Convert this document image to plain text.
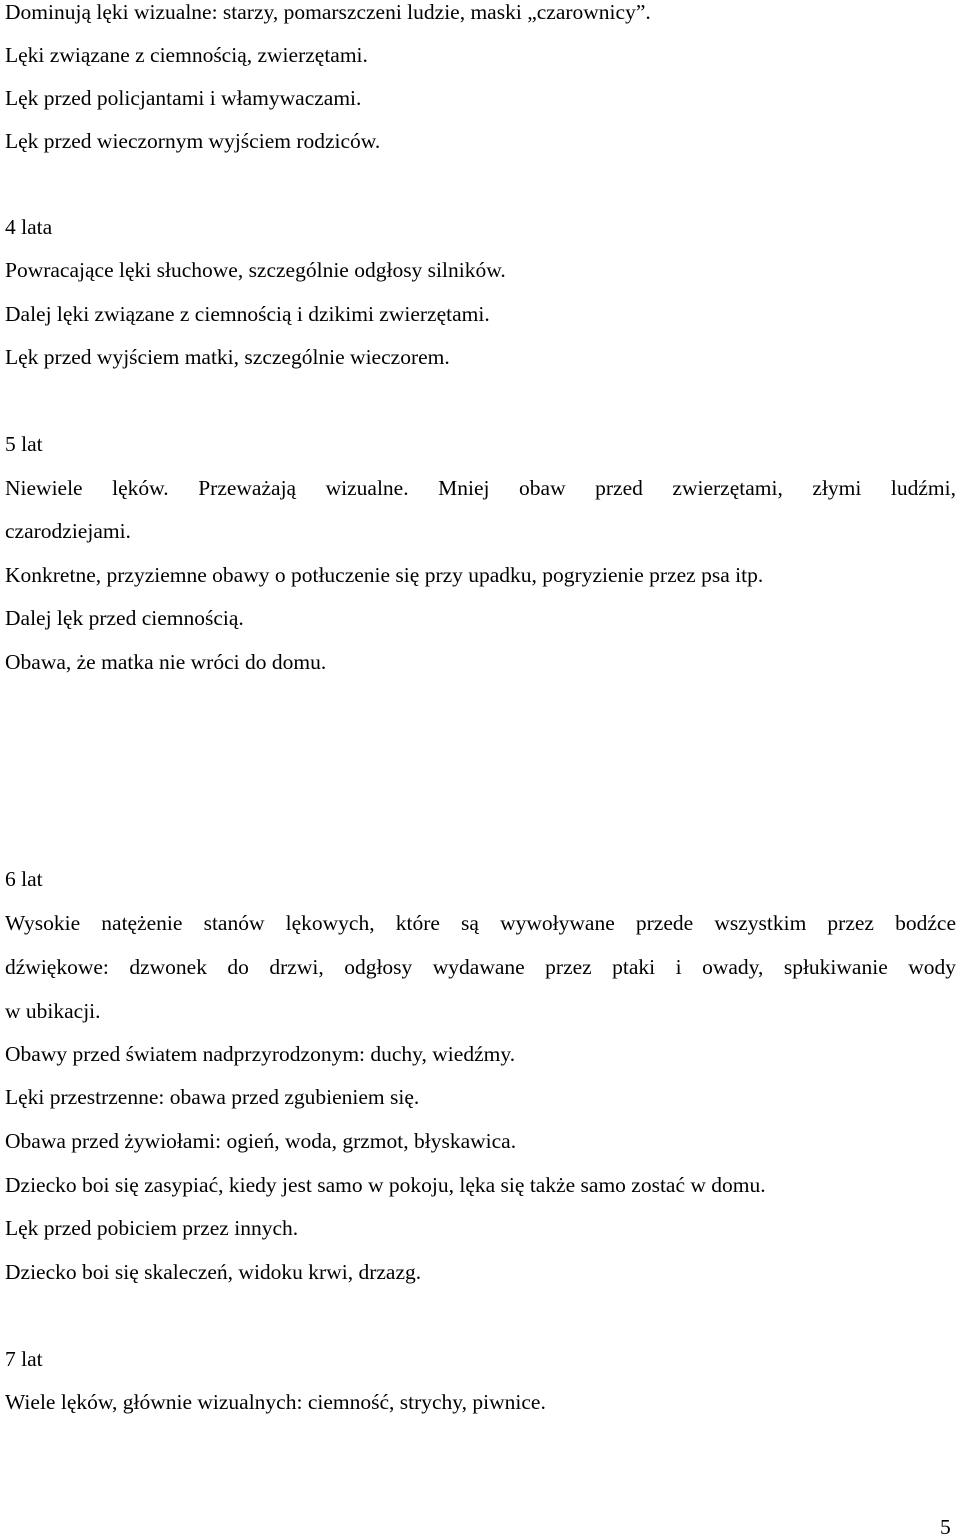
Dominują lęki wizualne: starzy, pomarszczeni ludzie, maski „czarownicy”.
Lęki związane z ciemnością, zwierzętami.
Lęk przed policjantami i włamywaczami.
Lęk przed wieczornym wyjściem rodziców.
4 lata
Powracające lęki słuchowe, szczególnie odgłosy silników.
Dalej lęki związane z ciemnością i dzikimi zwierzętami.
Lęk przed wyjściem matki, szczególnie wieczorem.
5 lat
Niewiele lęków. Przeważają wizualne. Mniej obaw przed zwierzętami, złymi ludźmi,
czarodziejami.
Konkretne, przyziemne obawy o potłuczenie się przy upadku, pogryzienie przez psa itp.
Dalej lęk przed ciemnością.
Obawa, że matka nie wróci do domu.
6 lat
Wysokie natężenie stanów lękowych, które są wywoływane przede wszystkim przez bodźce
dźwiękowe: dzwonek do drzwi, odgłosy wydawane przez ptaki i owady, spłukiwanie wody
w ubikacji.
Obawy przed światem nadprzyrodzonym: duchy, wiedźmy.
Lęki przestrzenne: obawa przed zgubieniem się.
Obawa przed żywiołami: ogień, woda, grzmot, błyskawica.
Dziecko boi się zasypiać, kiedy jest samo w pokoju, lęka się także samo zostać w domu.
Lęk przed pobiciem przez innych.
Dziecko boi się skaleczeń, widoku krwi, drzazg.
7 lat
Wiele lęków, głównie wizualnych: ciemność, strychy, piwnice.
5
